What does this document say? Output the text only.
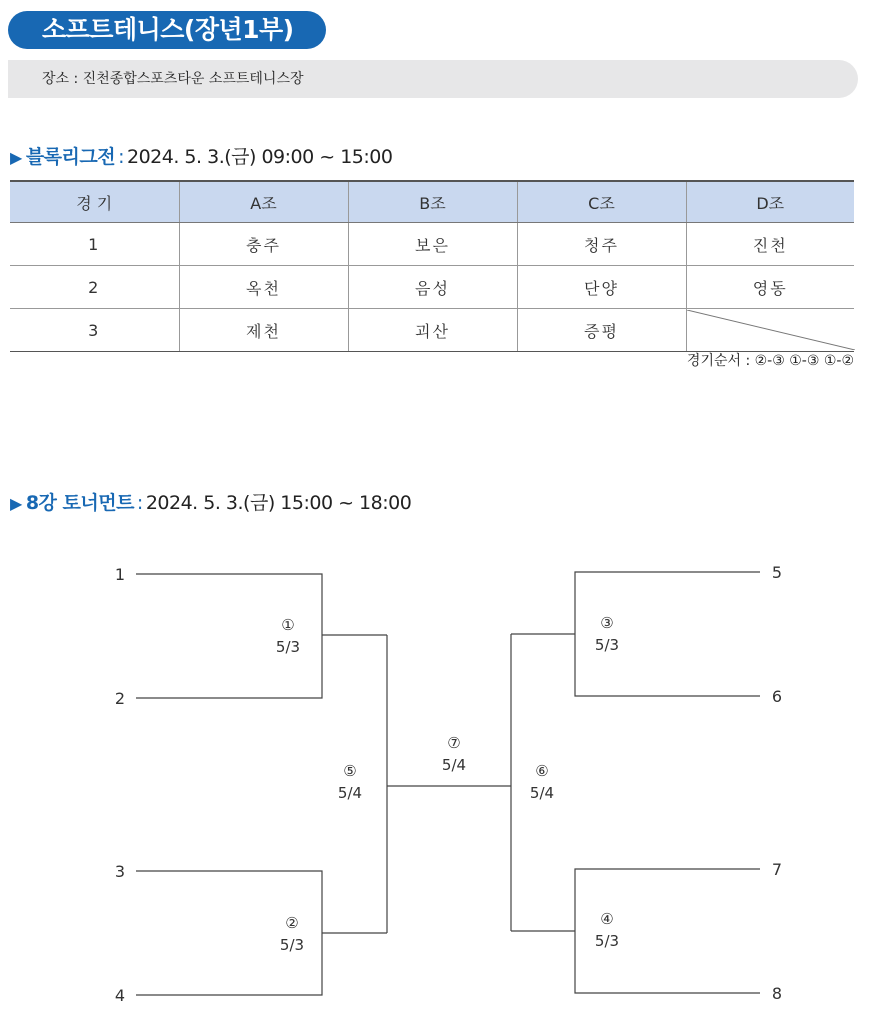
소프트테니스(장년1부)
장소 : 진천종합스포츠타운 소프트테니스장
▶ 블록리그전 : 2024. 5. 3.(금) 09:00 ~ 15:00
경 기	A조	B조	C조	D조
1	충주	보은	청주	진천
2	옥천	음성	단양	영동
3	제천	괴산	증평	
경기순서 : ②-③ ①-③ ①-②
▶ 8강 토너먼트 : 2024. 5. 3.(금) 15:00 ~ 18:00
1
2
3
4
5
6
7
8
①
5/3
②
5/3
③
5/3
④
5/3
⑤
5/4
⑥
5/4
⑦
5/4
